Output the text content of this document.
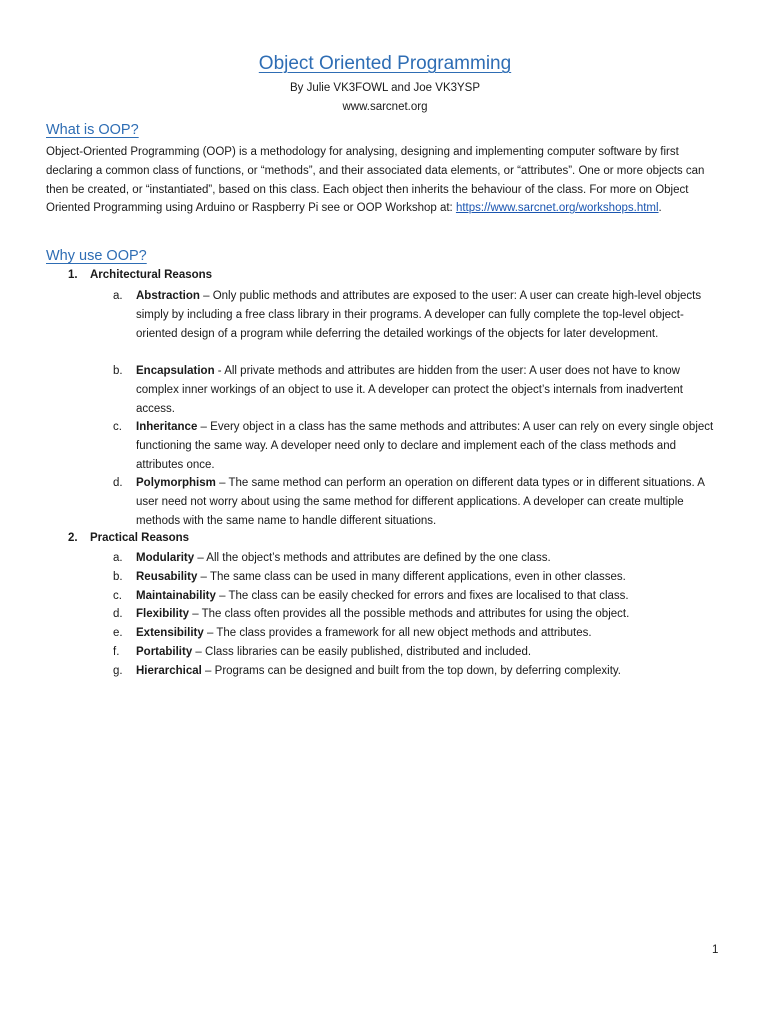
Object Oriented Programming
By Julie VK3FOWL and Joe VK3YSP
www.sarcnet.org
What is OOP?

Object-Oriented Programming (OOP) is a methodology for analysing, designing and implementing computer software by first declaring a common class of functions, or “methods”, and their associated data elements, or “attributes”. One or more objects can then be created, or “instantiated”, based on this class. Each object then inherits the behaviour of the class. For more on Object Oriented Programming using Arduino or Raspberry Pi see or OOP Workshop at: https://www.sarcnet.org/workshops.html.

Why use OOP?
1. Architectural Reasons
a.	Abstraction – Only public methods and attributes are exposed to the user: A user can create high-level objects simply by including a free class library in their programs. A developer can fully complete the top-level object-oriented design of a program while deferring the detailed workings of the objects for later development.
b.	Encapsulation - All private methods and attributes are hidden from the user: A user does not have to know complex inner workings of an object to use it. A developer can protect the object’s internals from inadvertent access.
c.	Inheritance – Every object in a class has the same methods and attributes: A user can rely on every single object functioning the same way. A developer need only to declare and implement each of the class methods and attributes once.
d.	Polymorphism – The same method can perform an operation on different data types or in different situations. A user need not worry about using the same method for different applications. A developer can create multiple methods with the same name to handle different situations.
2. Practical Reasons
a.	Modularity – All the object’s methods and attributes are defined by the one class.
b.	Reusability – The same class can be used in many different applications, even in other classes.
c.	Maintainability – The class can be easily checked for errors and fixes are localised to that class.
d.	Flexibility – The class often provides all the possible methods and attributes for using the object.
e.	Extensibility – The class provides a framework for all new object methods and attributes.
f.	Portability – Class libraries can be easily published, distributed and included.
g.	Hierarchical – Programs can be designed and built from the top down, by deferring complexity.
1
